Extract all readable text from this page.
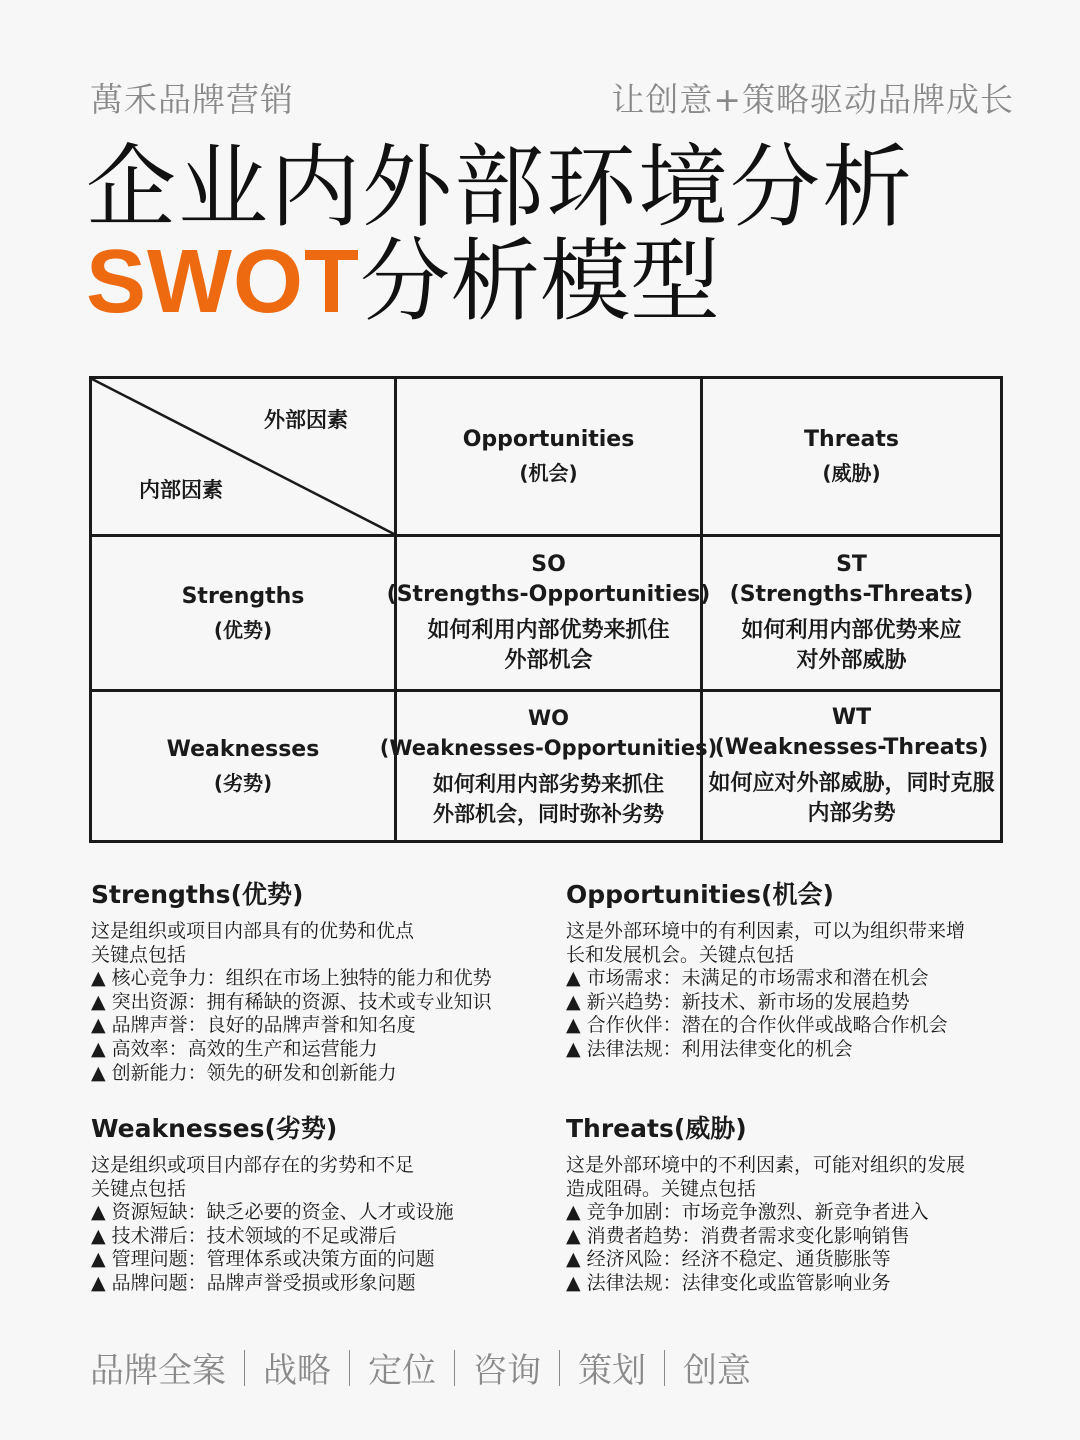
萬禾品牌营销	让创意+策略驱动品牌成长
企业内外部环境分析
SWOT分析模型
外部因素
内部因素
Opportunities
(机会)
Threats
(威胁)
Strengths
(优势)
SO
(Strengths-Opportunities)
如何利用内部优势来抓住
外部机会
ST
(Strengths-Threats)
如何利用内部优势来应
对外部威胁
Weaknesses
(劣势)
WO
(Weaknesses-Opportunities)
如何利用内部劣势来抓住
外部机会，同时弥补劣势
WT
(Weaknesses-Threats)
如何应对外部威胁，同时克服
内部劣势
Strengths(优势)
这是组织或项目内部具有的优势和优点关键点包括
▲ 核心竞争力：组织在市场上独特的能力和优势
▲ 突出资源：拥有稀缺的资源、技术或专业知识
▲ 品牌声誉：良好的品牌声誉和知名度
▲ 高效率：高效的生产和运营能力
▲ 创新能力：领先的研发和创新能力
Opportunities(机会)
这是外部环境中的有利因素，可以为组织带来增长和发展机会。关键点包括
▲ 市场需求：未满足的市场需求和潜在机会
▲ 新兴趋势：新技术、新市场的发展趋势
▲ 合作伙伴：潜在的合作伙伴或战略合作机会
▲ 法律法规：利用法律变化的机会
Weaknesses(劣势)
这是组织或项目内部存在的劣势和不足关键点包括
▲ 资源短缺：缺乏必要的资金、人才或设施
▲ 技术滞后：技术领域的不足或滞后
▲ 管理问题：管理体系或决策方面的问题
▲ 品牌问题：品牌声誉受损或形象问题
Threats(威胁)
这是外部环境中的不利因素，可能对组织的发展造成阻碍。关键点包括
▲ 竞争加剧：市场竞争激烈、新竞争者进入
▲ 消费者趋势：消费者需求变化影响销售
▲ 经济风险：经济不稳定、通货膨胀等
▲ 法律法规：法律变化或监管影响业务
品牌全案 战略 定位 咨询 策划 创意
